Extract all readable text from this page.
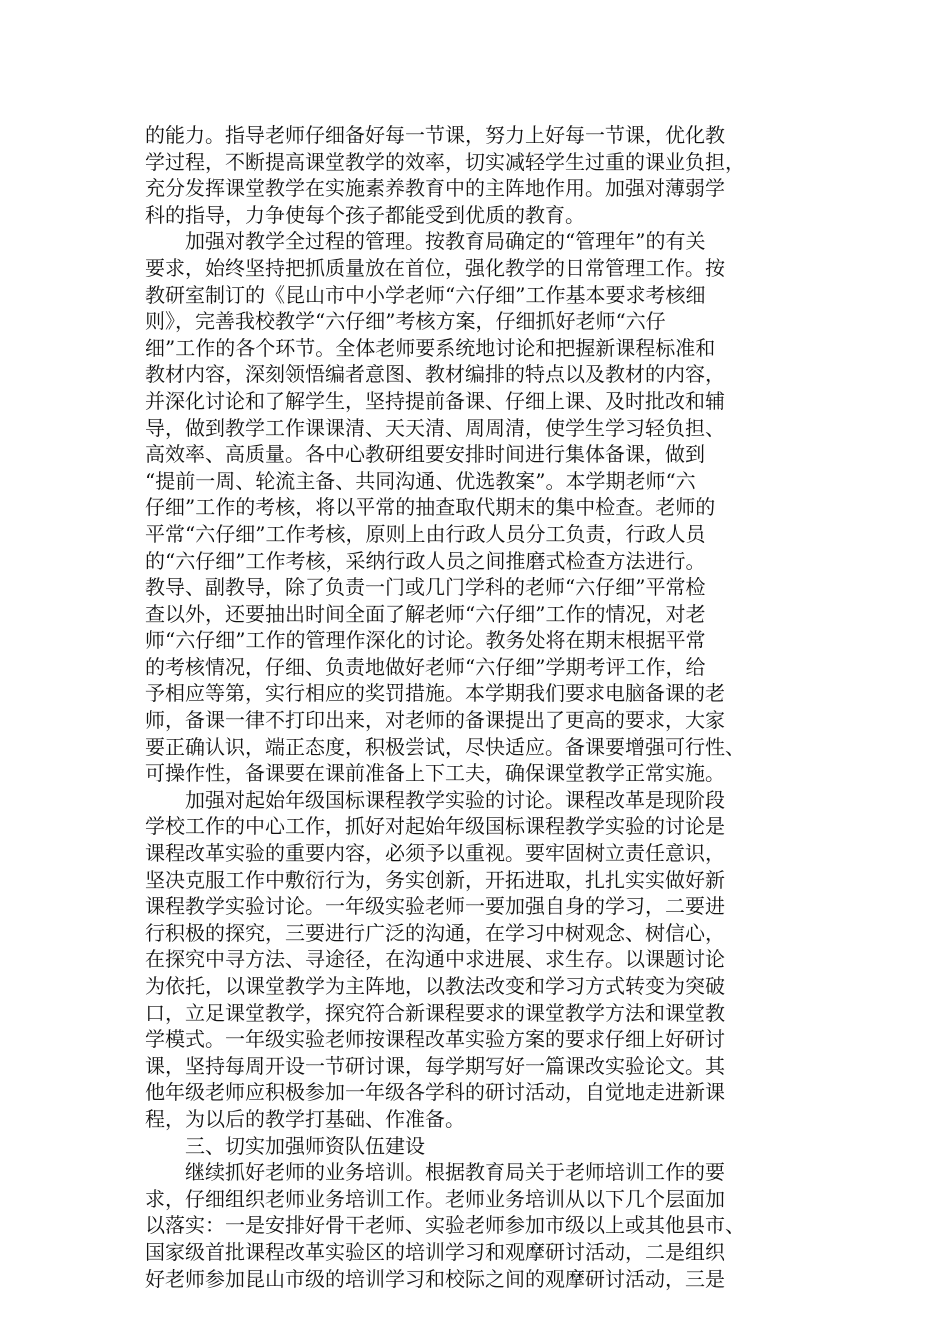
的能力。指导老师仔细备好每一节课，努力上好每一节课，优化教
学过程，不断提高课堂教学的效率，切实减轻学生过重的课业负担，
充分发挥课堂教学在实施素养教育中的主阵地作用。加强对薄弱学
科的指导，力争使每个孩子都能受到优质的教育。
加强对教学全过程的管理。按教育局确定的“管理年”的有关
要求，始终坚持把抓质量放在首位，强化教学的日常管理工作。按
教研室制订的《昆山市中小学老师“六仔细”工作基本要求考核细
则》，完善我校教学“六仔细”考核方案，仔细抓好老师“六仔
细”工作的各个环节。全体老师要系统地讨论和把握新课程标准和
教材内容，深刻领悟编者意图、教材编排的特点以及教材的内容，
并深化讨论和了解学生，坚持提前备课、仔细上课、及时批改和辅
导，做到教学工作课课清、天天清、周周清，使学生学习轻负担、
高效率、高质量。各中心教研组要安排时间进行集体备课，做到
“提前一周、轮流主备、共同沟通、优选教案”。本学期老师“六
仔细”工作的考核，将以平常的抽查取代期末的集中检查。老师的
平常“六仔细”工作考核，原则上由行政人员分工负责，行政人员
的“六仔细”工作考核，采纳行政人员之间推磨式检查方法进行。
教导、副教导，除了负责一门或几门学科的老师“六仔细”平常检
查以外，还要抽出时间全面了解老师“六仔细”工作的情况，对老
师“六仔细”工作的管理作深化的讨论。教务处将在期末根据平常
的考核情况，仔细、负责地做好老师“六仔细”学期考评工作，给
予相应等第，实行相应的奖罚措施。本学期我们要求电脑备课的老
师，备课一律不打印出来，对老师的备课提出了更高的要求，大家
要正确认识，端正态度，积极尝试，尽快适应。备课要增强可行性、
可操作性，备课要在课前准备上下工夫，确保课堂教学正常实施。
加强对起始年级国标课程教学实验的讨论。课程改革是现阶段
学校工作的中心工作，抓好对起始年级国标课程教学实验的讨论是
课程改革实验的重要内容，必须予以重视。要牢固树立责任意识，
坚决克服工作中敷衍行为，务实创新，开拓进取，扎扎实实做好新
课程教学实验讨论。一年级实验老师一要加强自身的学习，二要进
行积极的探究，三要进行广泛的沟通，在学习中树观念、树信心，
在探究中寻方法、寻途径，在沟通中求进展、求生存。以课题讨论
为依托，以课堂教学为主阵地，以教法改变和学习方式转变为突破
口，立足课堂教学，探究符合新课程要求的课堂教学方法和课堂教
学模式。一年级实验老师按课程改革实验方案的要求仔细上好研讨
课，坚持每周开设一节研讨课，每学期写好一篇课改实验论文。其
他年级老师应积极参加一年级各学科的研讨活动，自觉地走进新课
程，为以后的教学打基础、作准备。
三、切实加强师资队伍建设
继续抓好老师的业务培训。根据教育局关于老师培训工作的要
求，仔细组织老师业务培训工作。老师业务培训从以下几个层面加
以落实：一是安排好骨干老师、实验老师参加市级以上或其他县市、
国家级首批课程改革实验区的培训学习和观摩研讨活动，二是组织
好老师参加昆山市级的培训学习和校际之间的观摩研讨活动，三是
